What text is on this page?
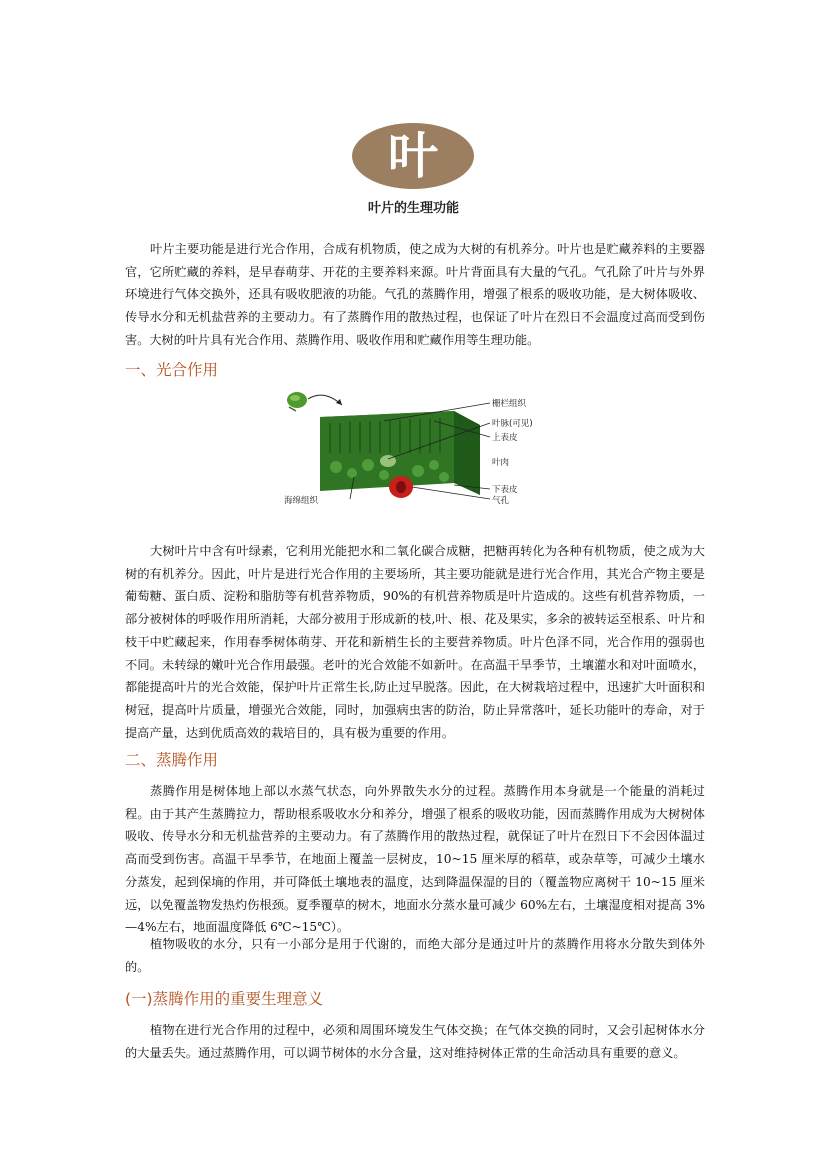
叶
叶片的生理功能

叶片主要功能是进行光合作用，合成有机物质，使之成为大树的有机养分。叶片也是贮藏养料的主要器官，它所贮藏的养料，是早春萌芽、开花的主要养料来源。叶片背面具有大量的气孔。气孔除了叶片与外界环境进行气体交换外，还具有吸收肥液的功能。气孔的蒸腾作用，增强了根系的吸收功能，是大树体吸收、传导水分和无机盐营养的主要动力。有了蒸腾作用的散热过程，也保证了叶片在烈日不会温度过高而受到伤害。大树的叶片具有光合作用、蒸腾作用、吸收作用和贮藏作用等生理功能。

一、光合作用
栅栏组织
叶脉(可见)
上表皮
叶肉
下表皮
气孔
海绵组织

大树叶片中含有叶绿素，它利用光能把水和二氧化碳合成糖，把糖再转化为各种有机物质，使之成为大树的有机养分。因此，叶片是进行光合作用的主要场所，其主要功能就是进行光合作用，其光合产物主要是葡萄糖、蛋白质、淀粉和脂肪等有机营养物质，90%的有机营养物质是叶片造成的。这些有机营养物质，一部分被树体的呼吸作用所消耗，大部分被用于形成新的枝,叶、根、花及果实，多余的被转运至根系、叶片和枝干中贮藏起来，作用春季树体萌芽、开花和新梢生长的主要营养物质。叶片色泽不同，光合作用的强弱也不同。未转绿的嫩叶光合作用最强。老叶的光合效能不如新叶。在高温干旱季节，土壤灌水和对叶面喷水，都能提高叶片的光合效能，保护叶片正常生长,防止过早脱落。因此，在大树栽培过程中，迅速扩大叶面积和树冠，提高叶片质量，增强光合效能，同时，加强病虫害的防治，防止异常落叶，延长功能叶的寿命，对于提高产量，达到优质高效的栽培目的，具有极为重要的作用。

二、蒸腾作用

蒸腾作用是树体地上部以水蒸气状态，向外界散失水分的过程。蒸腾作用本身就是一个能量的消耗过程。由于其产生蒸腾拉力，帮助根系吸收水分和养分，增强了根系的吸收功能，因而蒸腾作用成为大树树体吸收、传导水分和无机盐营养的主要动力。有了蒸腾作用的散热过程，就保证了叶片在烈日下不会因体温过高而受到伤害。高温干旱季节，在地面上覆盖一层树皮，10~15 厘米厚的稻草，或杂草等，可减少土壤水分蒸发，起到保墒的作用，并可降低土壤地表的温度，达到降温保湿的目的（覆盖物应离树干 10~15 厘米远，以免覆盖物发热灼伤根颈。夏季覆草的树木，地面水分蒸水量可减少 60%左右，土壤湿度相对提高 3%—4%左右，地面温度降低 6℃~15℃）。

植物吸收的水分，只有一小部分是用于代谢的，而绝大部分是通过叶片的蒸腾作用将水分散失到体外的。

(一)蒸腾作用的重要生理意义

植物在进行光合作用的过程中，必须和周围环境发生气体交换；在气体交换的同时，又会引起树体水分的大量丢失。通过蒸腾作用，可以调节树体的水分含量，这对维持树体正常的生命活动具有重要的意义。
